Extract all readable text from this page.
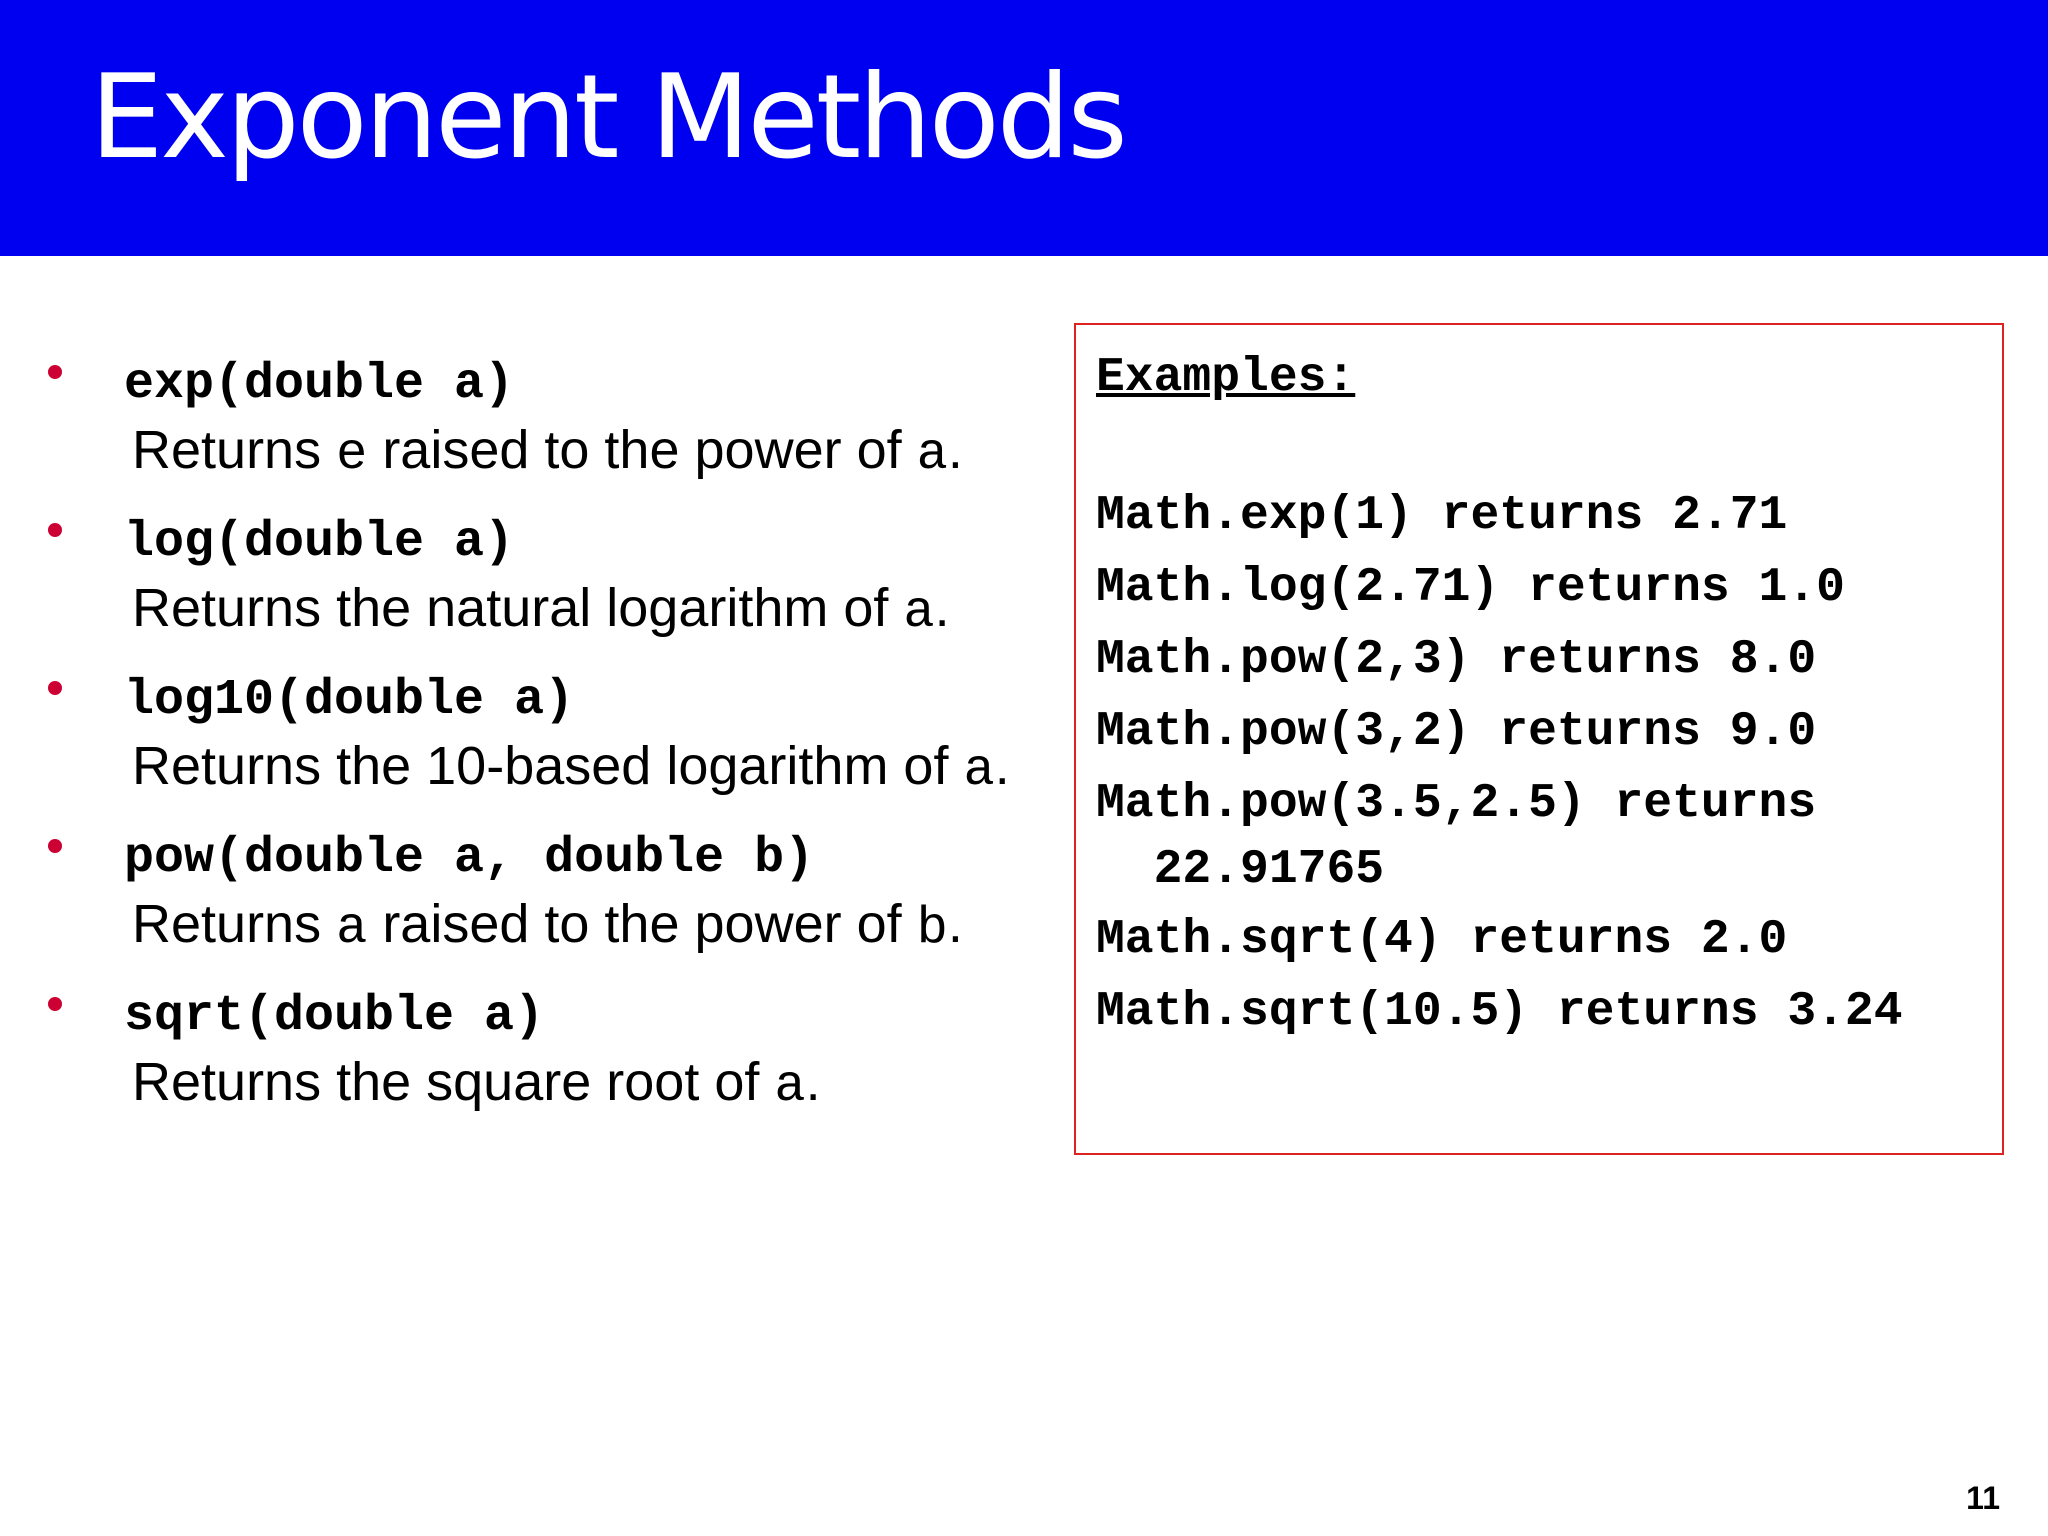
Exponent Methods
exp(double a)
Returns e raised to the power of a.
log(double a)
Returns the natural logarithm of a.
log10(double a)
Returns the 10-based logarithm of a.
pow(double a, double b)
Returns a raised to the power of b.
sqrt(double a)
Returns the square root of a.
Examples:
Math.exp(1) returns 2.71
Math.log(2.71) returns 1.0
Math.pow(2,3) returns 8.0
Math.pow(3,2) returns 9.0
Math.pow(3.5,2.5) returns
22.91765
Math.sqrt(4) returns 2.0
Math.sqrt(10.5) returns 3.24
11
